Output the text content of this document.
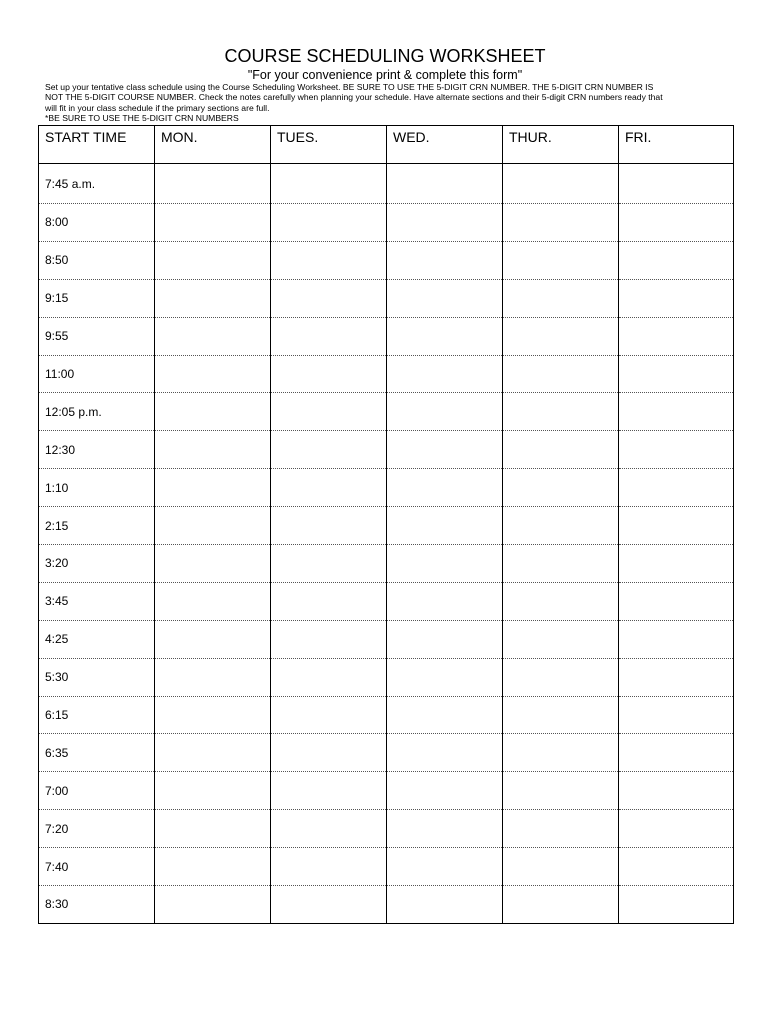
COURSE SCHEDULING WORKSHEET
"For your convenience print & complete this form"

Set up your tentative class schedule using the Course Scheduling Worksheet. BE SURE TO USE THE 5-DIGIT CRN NUMBER. THE 5-DIGIT CRN NUMBER IS

NOT THE 5-DIGIT COURSE NUMBER. Check the notes carefully when planning your schedule. Have alternate sections and their 5-digit CRN numbers ready that

will fit in your class schedule if the primary sections are full.

*BE SURE TO USE THE 5-DIGIT CRN NUMBERS

START TIME	MON.	TUES.	WED.	THUR.	FRI.
7:45 a.m.					
8:00					
8:50					
9:15					
9:55					
11:00					
12:05 p.m.					
12:30					
1:10					
2:15					
3:20					
3:45					
4:25					
5:30					
6:15					
6:35					
7:00					
7:20					
7:40					
8:30					
